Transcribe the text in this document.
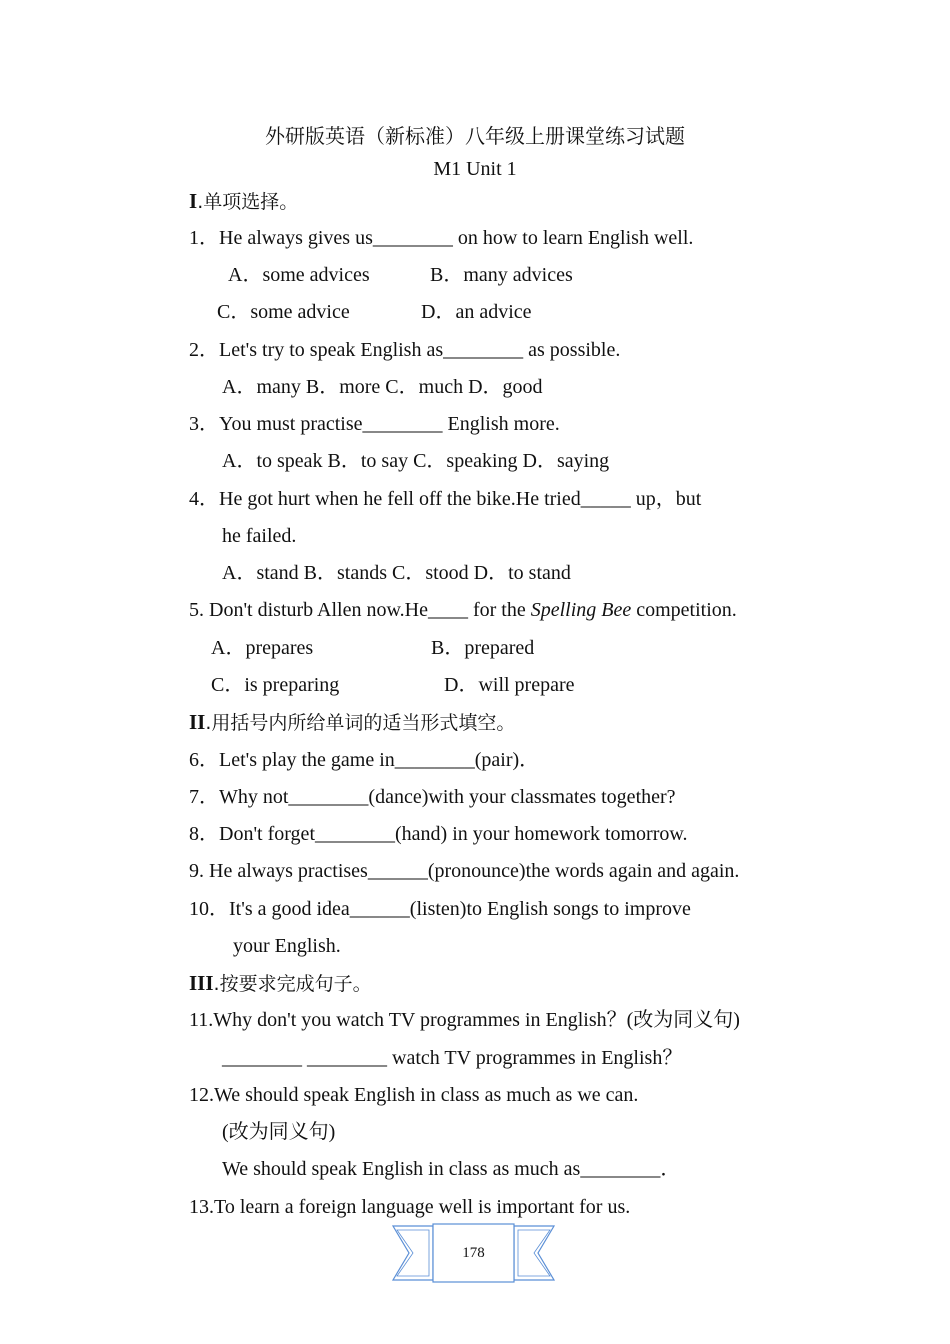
外研版英语（新标准）八年级上册课堂练习试题
M1 Unit 1
I.单项选择。
1．He always gives us________ on how to learn English well.
A．some advices	B．many advices
C．some advice	D．an advice
2．Let's try to speak English as________ as possible.
A．many B．more C．much D．good
3．You must practise________ English more.
A．to speak B．to say C．speaking D．saying
4．He got hurt when he fell off the bike.He tried_____ up，but
he failed.
A．stand B．stands C．stood D．to stand
5. Don't disturb Allen now.He____ for the Spelling Bee competition.
A．prepares	B．prepared
C．is preparing	D．will prepare
II.用括号内所给单词的适当形式填空。
6．Let's play the game in________(pair)．
7．Why not________(dance)with your classmates together?
8．Don't forget________(hand) in your homework tomorrow.
9. He always practises______(pronounce)the words again and again.
10．It's a good idea______(listen)to English songs to improve
your English.
III.按要求完成句子。
11.Why don't you watch TV programmes in English？(改为同义句)
________ ________ watch TV programmes in English？
12.We should speak English in class as much as we can.
(改为同义句)
We should speak English in class as much as________．
13.To learn a foreign language well is important for us.
178
